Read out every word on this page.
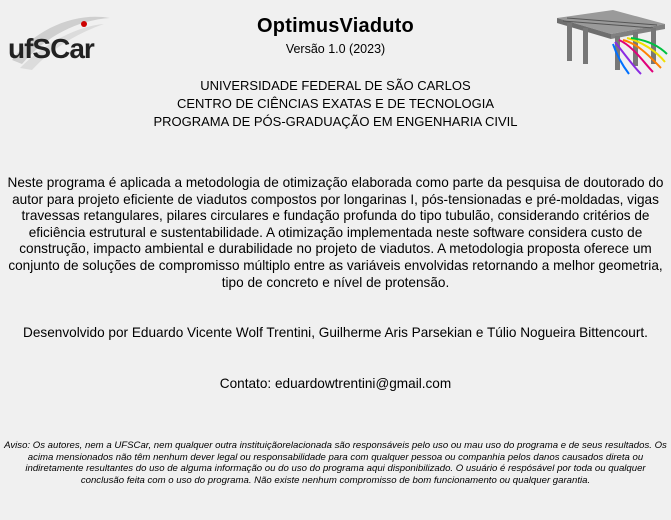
ufSCar
OptimusViaduto
Versão 1.0 (2023)
UNIVERSIDADE FEDERAL DE SÃO CARLOS
CENTRO DE CIÊNCIAS EXATAS E DE TECNOLOGIA
PROGRAMA DE PÓS-GRADUAÇÃO EM ENGENHARIA CIVIL
Neste programa é aplicada a metodologia de otimização elaborada como parte da pesquisa de doutorado do autor para projeto eficiente de viadutos compostos por longarinas I, pós-tensionadas e pré-moldadas, vigas travessas retangulares, pilares circulares e fundação profunda do tipo tubulão, considerando critérios de eficiência estrutural e sustentabilidade. A otimização implementada neste software considera custo de construção, impacto ambiental e durabilidade no projeto de viadutos. A metodologia proposta oferece um conjunto de soluções de compromisso múltiplo entre as variáveis envolvidas retornando a melhor geometria, tipo de concreto e nível de protensão.
Desenvolvido por Eduardo Vicente Wolf Trentini, Guilherme Aris Parsekian e Túlio Nogueira Bittencourt.
Contato: eduardowtrentini@gmail.com
Aviso: Os autores, nem a UFSCar, nem qualquer outra instituiçãorelacionada são responsáveis pelo uso ou mau uso do programa e de seus resultados. Os acima mensionados não têm nenhum dever legal ou responsabilidade para com qualquer pessoa ou companhia pelos danos causados direta ou indiretamente resultantes do uso de alguma informação ou do uso do programa aqui disponibilizado. O usuário é respósável por toda ou qualquer conclusão feita com o uso do programa. Não existe nenhum compromisso de bom funcionamento ou qualquer garantia.
